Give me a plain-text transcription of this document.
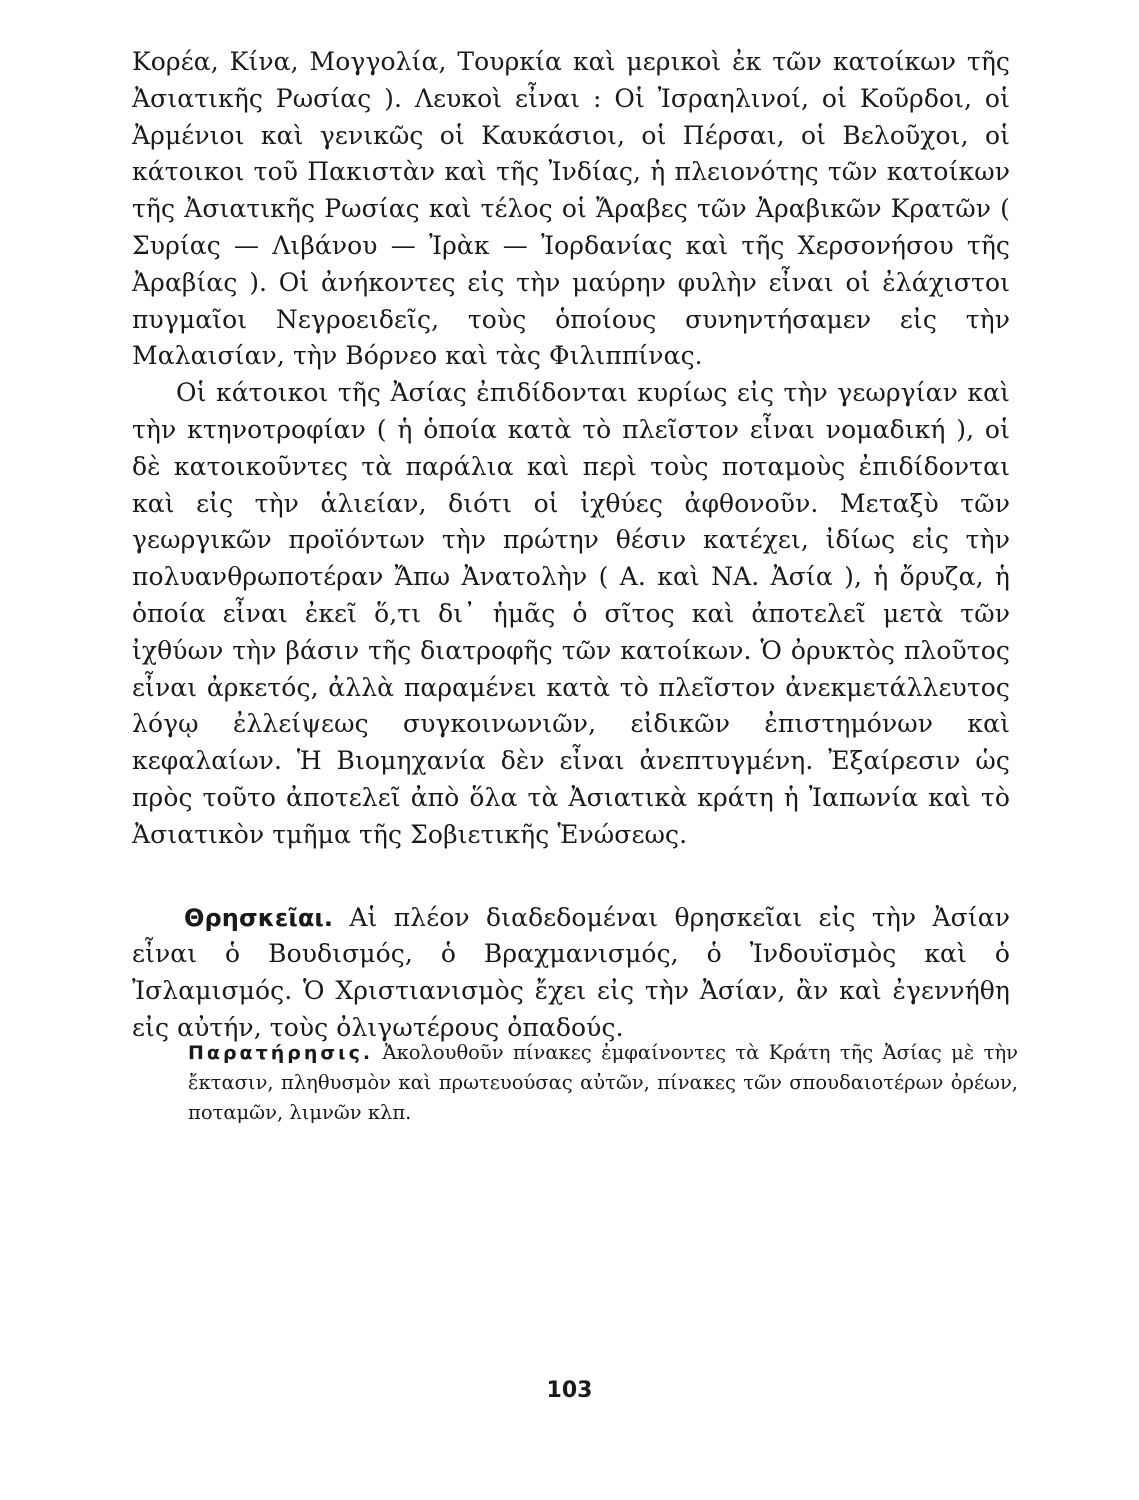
Κορέα, Κίνα, Μογγολία, Τουρκία καὶ μερικοὶ ἐκ τῶν κατοίκων τῆς Ἀσιατικῆς Ρωσίας ). Λευκοὶ εἶναι : Οἱ Ἰσραηλινοί, οἱ Κοῦρδοι, οἱ Ἀρμένιοι καὶ γενικῶς οἱ Καυκάσιοι, οἱ Πέρσαι, οἱ Βελοῦχοι, οἱ κάτοικοι τοῦ Πακιστὰν καὶ τῆς Ἰνδίας, ἡ πλειονότης τῶν κατοίκων τῆς Ἀσιατικῆς Ρωσίας καὶ τέλος οἱ Ἄραβες τῶν Ἀραβικῶν Κρατῶν ( Συρίας — Λιβάνου — Ἰρὰκ — Ἰορδανίας καὶ τῆς Χερσονήσου τῆς Ἀραβίας ). Οἱ ἀνήκοντες εἰς τὴν μαύρην φυλὴν εἶναι οἱ ἐλάχιστοι πυγμαῖοι Νεγροειδεῖς, τοὺς ὁποίους συνηντήσαμεν εἰς τὴν Μαλαισίαν, τὴν Βόρνεο καὶ τὰς Φιλιππίνας.

Οἱ κάτοικοι τῆς Ἀσίας ἐπιδίδονται κυρίως εἰς τὴν γεωργίαν καὶ τὴν κτηνοτροφίαν ( ἡ ὁποία κατὰ τὸ πλεῖστον εἶναι νομαδική ), οἱ δὲ κατοικοῦντες τὰ παράλια καὶ περὶ τοὺς ποταμοὺς ἐπιδίδονται καὶ εἰς τὴν ἁλιείαν, διότι οἱ ἰχθύες ἀφθονοῦν. Μεταξὺ τῶν γεωργικῶν προϊόντων τὴν πρώτην θέσιν κατέχει, ἰδίως εἰς τὴν πολυανθρωποτέραν Ἄπω Ἀνατολὴν ( Α. καὶ ΝΑ. Ἀσία ), ἡ ὄρυζα, ἡ ὁποία εἶναι ἐκεῖ ὅ,τι δι᾽ ἡμᾶς ὁ σῖτος καὶ ἀποτελεῖ μετὰ τῶν ἰχθύων τὴν βάσιν τῆς διατροφῆς τῶν κατοίκων. Ὁ ὀρυκτὸς πλοῦτος εἶναι ἀρκετός, ἀλλὰ παραμένει κατὰ τὸ πλεῖστον ἀνεκμετάλλευτος λόγῳ ἐλλείψεως συγκοινωνιῶν, εἰδικῶν ἐπιστημόνων καὶ κεφαλαίων. Ἡ Βιομηχανία δὲν εἶναι ἀνεπτυγμένη. Ἐξαίρεσιν ὡς πρὸς τοῦτο ἀποτελεῖ ἀπὸ ὅλα τὰ Ἀσιατικὰ κράτη ἡ Ἰαπωνία καὶ τὸ Ἀσιατικὸν τμῆμα τῆς Σοβιετικῆς Ἑνώσεως.

Θρησκεῖαι. Αἱ πλέον διαδεδομέναι θρησκεῖαι εἰς τὴν Ἀσίαν εἶναι ὁ Βουδισμός, ὁ Βραχμανισμός, ὁ Ἰνδουϊσμὸς καὶ ὁ Ἰσλαμισμός. Ὁ Χριστιανισμὸς ἔχει εἰς τὴν Ἀσίαν, ἂν καὶ ἐγεννήθη εἰς αὐτήν, τοὺς ὀλιγωτέρους ὀπαδούς.

Παρατήρησις. Ἀκολουθοῦν πίνακες ἐμφαίνοντες τὰ Κράτη τῆς Ἀσίας μὲ τὴν ἔκτασιν, πληθυσμὸν καὶ πρωτευούσας αὐτῶν, πίνακες τῶν σπουδαιοτέρων ὀρέων, ποταμῶν, λιμνῶν κλπ.
103
